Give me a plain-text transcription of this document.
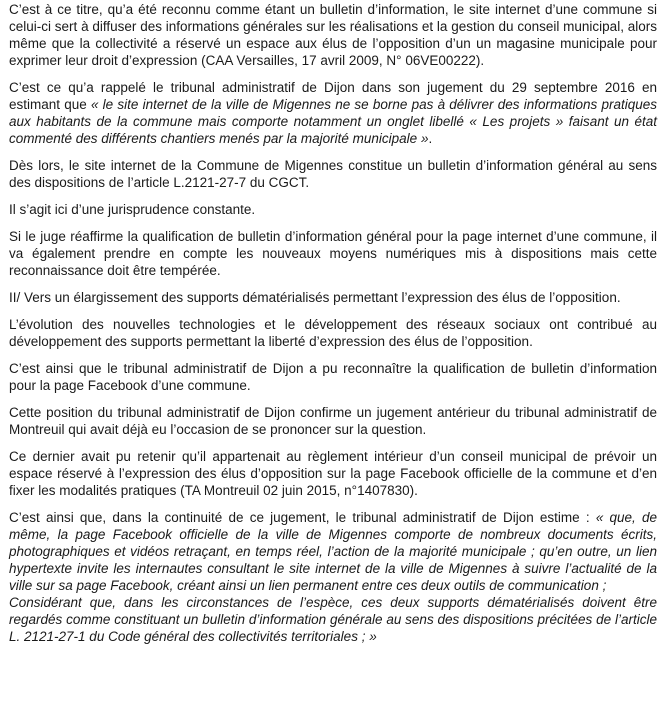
C’est à ce titre, qu’a été reconnu comme étant un bulletin d’information, le site internet d’une commune si celui-ci sert à diffuser des informations générales sur les réalisations et la gestion du conseil municipal, alors même que la collectivité a réservé un espace aux élus de l’opposition d’un un magasine municipale pour exprimer leur droit d’expression (CAA Versailles, 17 avril 2009, N° 06VE00222).

C’est ce qu’a rappelé le tribunal administratif de Dijon dans son jugement du 29 septembre 2016 en estimant que « le site internet de la ville de Migennes ne se borne pas à délivrer des informations pratiques aux habitants de la commune mais comporte notamment un onglet libellé « Les projets » faisant un état commenté des différents chantiers menés par la majorité municipale ».

Dès lors, le site internet de la Commune de Migennes constitue un bulletin d’information général au sens des dispositions de l’article L.2121-27-7 du CGCT.

Il s’agit ici d’une jurisprudence constante.

Si le juge réaffirme la qualification de bulletin d’information général pour la page internet d’une commune, il va également prendre en compte les nouveaux moyens numériques mis à dispositions mais cette reconnaissance doit être tempérée.

II/ Vers un élargissement des supports dématérialisés permettant l’expression des élus de l’opposition.

L’évolution des nouvelles technologies et le développement des réseaux sociaux ont contribué au développement des supports permettant la liberté d’expression des élus de l’opposition.

C’est ainsi que le tribunal administratif de Dijon a pu reconnaître la qualification de bulletin d’information pour la page Facebook d’une commune.

Cette position du tribunal administratif de Dijon confirme un jugement antérieur du tribunal administratif de Montreuil qui avait déjà eu l’occasion de se prononcer sur la question.

Ce dernier avait pu retenir qu’il appartenait au règlement intérieur d’un conseil municipal de prévoir un espace réservé à l’expression des élus d’opposition sur la page Facebook officielle de la commune et d’en fixer les modalités pratiques (TA Montreuil 02 juin 2015, n°1407830).

C’est ainsi que, dans la continuité de ce jugement, le tribunal administratif de Dijon estime : « que, de même, la page Facebook officielle de la ville de Migennes comporte de nombreux documents écrits, photographiques et vidéos retraçant, en temps réel, l’action de la majorité municipale ; qu’en outre, un lien hypertexte invite les internautes consultant le site internet de la ville de Migennes à suivre l’actualité de la ville sur sa page Facebook, créant ainsi un lien permanent entre ces deux outils de communication ;

Considérant que, dans les circonstances de l’espèce, ces deux supports dématérialisés doivent être regardés comme constituant un bulletin d’information générale au sens des dispositions précitées de l’article L. 2121-27-1 du Code général des collectivités territoriales ; »
